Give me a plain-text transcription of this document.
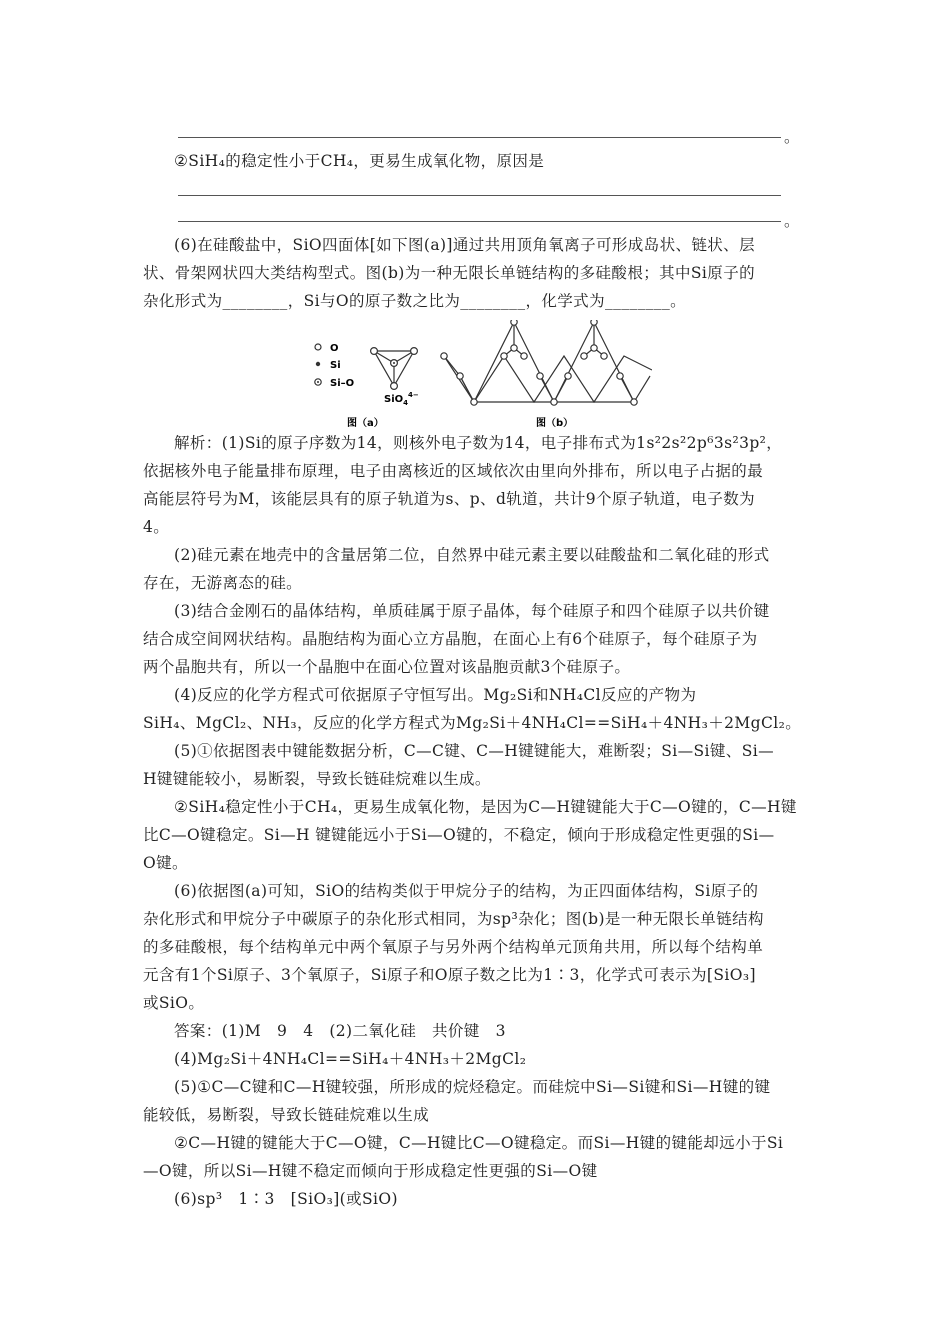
。
②SiH₄的稳定性小于CH₄，更易生成氧化物，原因是
。
(6)在硅酸盐中，SiO四面体[如下图(a)]通过共用顶角氧离子可形成岛状、链状、层
状、骨架网状四大类结构型式。图(b)为一种无限长单链结构的多硅酸根；其中Si原子的
杂化形式为________，Si与O的原子数之比为________，化学式为________。
O
Si
Si–O
SiO$_4^{4-}$
图（a）	图（b）
解析：(1)Si的原子序数为14，则核外电子数为14，电子排布式为1s²2s²2p⁶3s²3p²，
依据核外电子能量排布原理，电子由离核近的区域依次由里向外排布，所以电子占据的最
高能层符号为M，该能层具有的原子轨道为s、p、d轨道，共计9个原子轨道，电子数为
4。
(2)硅元素在地壳中的含量居第二位，自然界中硅元素主要以硅酸盐和二氧化硅的形式
存在，无游离态的硅。
(3)结合金刚石的晶体结构，单质硅属于原子晶体，每个硅原子和四个硅原子以共价键
结合成空间网状结构。晶胞结构为面心立方晶胞，在面心上有6个硅原子，每个硅原子为
两个晶胞共有，所以一个晶胞中在面心位置对该晶胞贡献3个硅原子。
(4)反应的化学方程式可依据原子守恒写出。Mg₂Si和NH₄Cl反应的产物为
SiH₄、MgCl₂、NH₃，反应的化学方程式为Mg₂Si＋4NH₄Cl==SiH₄＋4NH₃＋2MgCl₂。
(5)①依据图表中键能数据分析，C—C键、C—H键键能大，难断裂；Si—Si键、Si—
H键键能较小，易断裂，导致长链硅烷难以生成。
②SiH₄稳定性小于CH₄，更易生成氧化物，是因为C—H键键能大于C—O键的，C—H键
比C—O键稳定。Si—H 键键能远小于Si—O键的，不稳定，倾向于形成稳定性更强的Si—
O键。
(6)依据图(a)可知，SiO的结构类似于甲烷分子的结构，为正四面体结构，Si原子的
杂化形式和甲烷分子中碳原子的杂化形式相同，为sp³杂化；图(b)是一种无限长单链结构
的多硅酸根，每个结构单元中两个氧原子与另外两个结构单元顶角共用，所以每个结构单
元含有1个Si原子、3个氧原子，Si原子和O原子数之比为1∶3，化学式可表示为[SiO₃]
或SiO。
答案：(1)M　9　4　(2)二氧化硅　共价键　3
(4)Mg₂Si＋4NH₄Cl==SiH₄＋4NH₃＋2MgCl₂
(5)①C—C键和C—H键较强，所形成的烷烃稳定。而硅烷中Si—Si键和Si—H键的键
能较低，易断裂，导致长链硅烷难以生成
②C—H键的键能大于C—O键，C—H键比C—O键稳定。而Si—H键的键能却远小于Si
—O键，所以Si—H键不稳定而倾向于形成稳定性更强的Si—O键
(6)sp³　1∶3　[SiO₃](或SiO)
